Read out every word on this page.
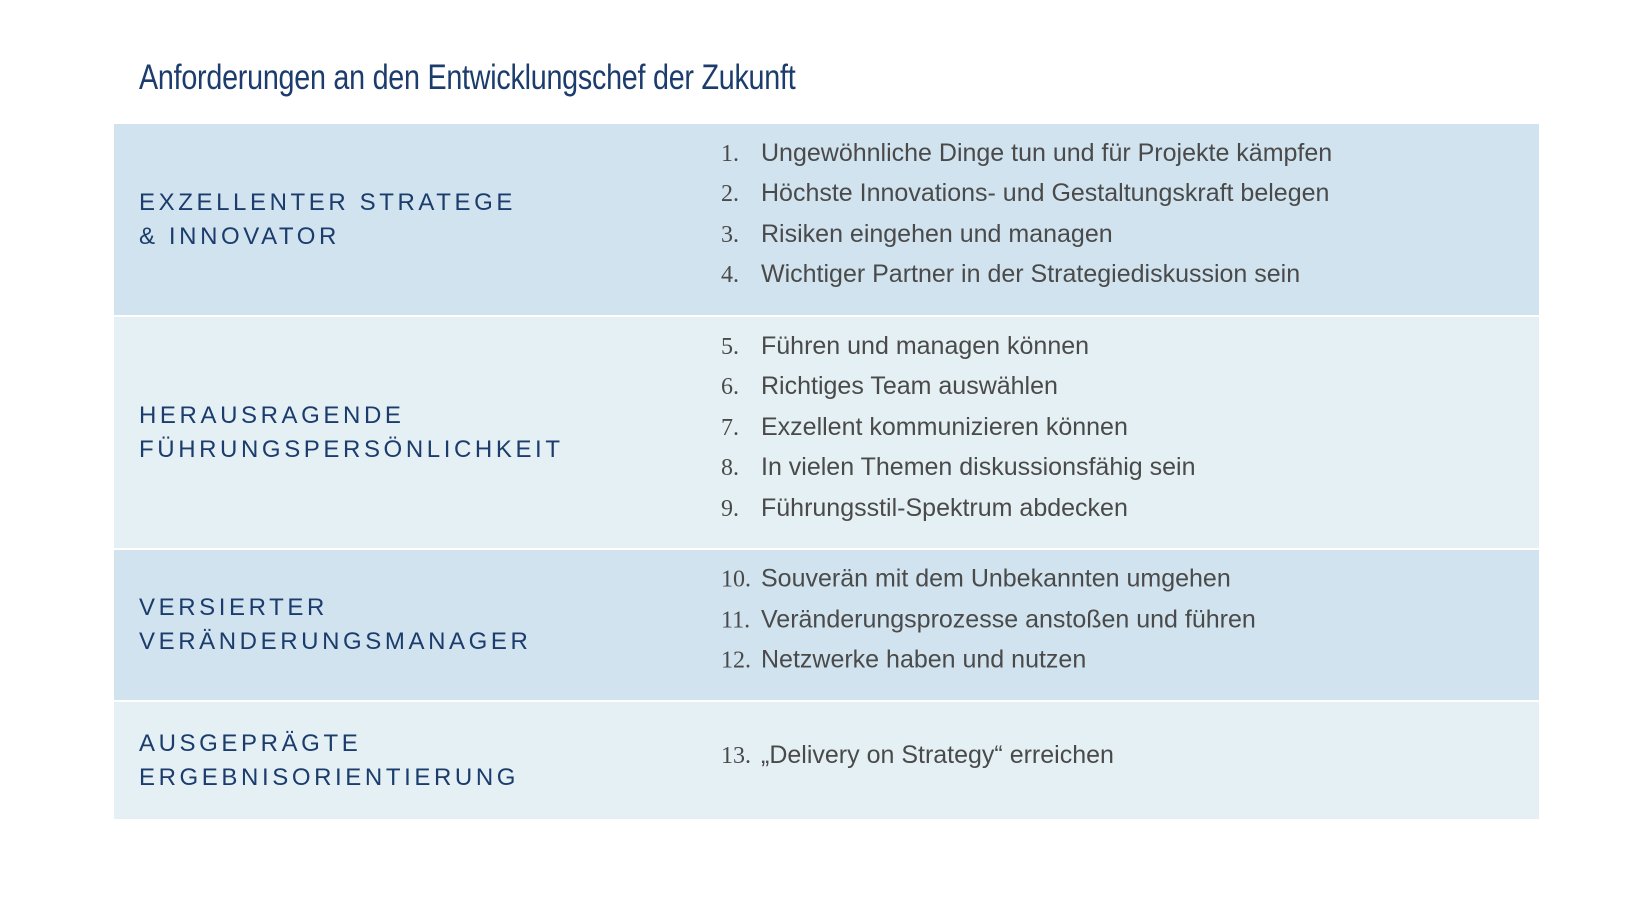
Anforderungen an den Entwicklungschef der Zukunft
EXZELLENTER STRATEGE
& INNOVATOR
1. Ungewöhnliche Dinge tun und für Projekte kämpfen
2. Höchste Innovations- und Gestaltungskraft belegen
3. Risiken eingehen und managen
4. Wichtiger Partner in der Strategiediskussion sein
HERAUSRAGENDE
FÜHRUNGSPERSÖNLICHKEIT
5. Führen und managen können
6. Richtiges Team auswählen
7. Exzellent kommunizieren können
8. In vielen Themen diskussionsfähig sein
9. Führungsstil-Spektrum abdecken
VERSIERTER
VERÄNDERUNGSMANAGER
10. Souverän mit dem Unbekannten umgehen
11. Veränderungsprozesse anstoßen und führen
12. Netzwerke haben und nutzen
AUSGEPRÄGTE
ERGEBNISORIENTIERUNG
13. „Delivery on Strategy“ erreichen
